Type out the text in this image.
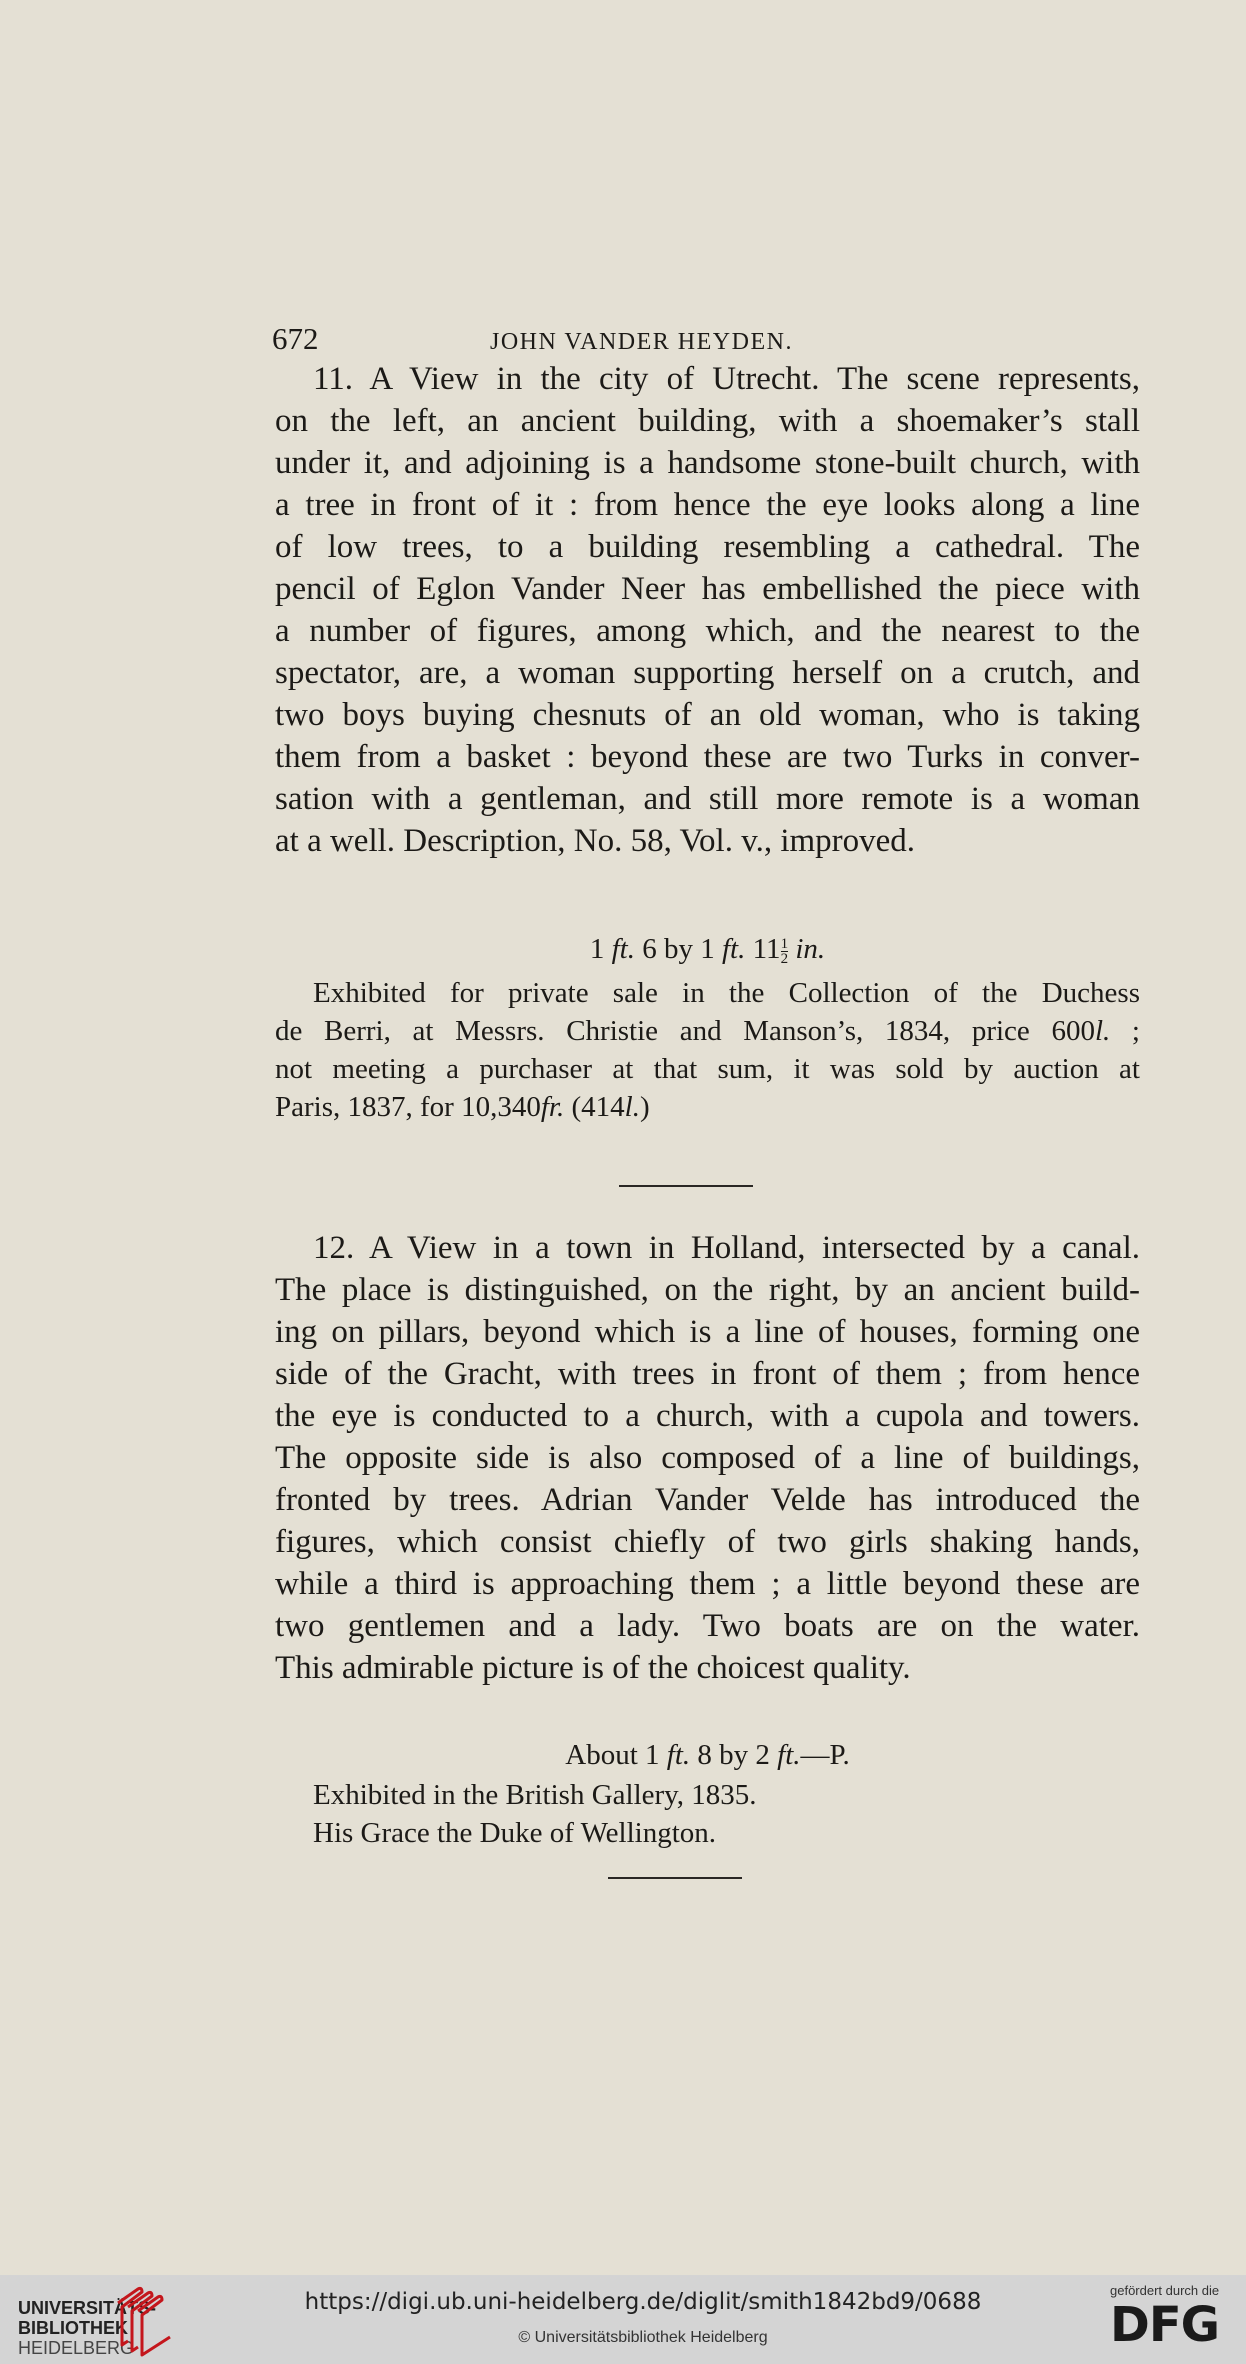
672	JOHN VANDER HEYDEN.
11. A View in the city of Utrecht. The scene represents,
on the left, an ancient building, with a shoemaker’s stall
under it, and adjoining is a handsome stone-built church, with
a tree in front of it : from hence the eye looks along a line
of low trees, to a building resembling a cathedral. The
pencil of Eglon Vander Neer has embellished the piece with
a number of figures, among which, and the nearest to the
spectator, are, a woman supporting herself on a crutch, and
two boys buying chesnuts of an old woman, who is taking
them from a basket : beyond these are two Turks in conver-
sation with a gentleman, and still more remote is a woman
at a well. Description, No. 58, Vol. v., improved.
1 ft. 6 by 1 ft. $11 \frac{1}{2}$ in.
Exhibited for private sale in the Collection of the Duchess
de Berri, at Messrs. Christie and Manson’s, 1834, price 600l. ;
not meeting a purchaser at that sum, it was sold by auction at
Paris, 1837, for 10,340fr. (414l.)
12. A View in a town in Holland, intersected by a canal.
The place is distinguished, on the right, by an ancient build-
ing on pillars, beyond which is a line of houses, forming one
side of the Gracht, with trees in front of them ; from hence
the eye is conducted to a church, with a cupola and towers.
The opposite side is also composed of a line of buildings,
fronted by trees. Adrian Vander Velde has introduced the
figures, which consist chiefly of two girls shaking hands,
while a third is approaching them ; a little beyond these are
two gentlemen and a lady. Two boats are on the water.
This admirable picture is of the choicest quality.
About 1 ft. 8 by 2 ft.—P.
Exhibited in the British Gallery, 1835.
His Grace the Duke of Wellington.
UNIVERSITÄTS-
BIBLIOTHEK
HEIDELBERG
https://digi.ub.uni-heidelberg.de/diglit/smith1842bd9/0688
© Universitätsbibliothek Heidelberg
gefördert durch die
DFG
